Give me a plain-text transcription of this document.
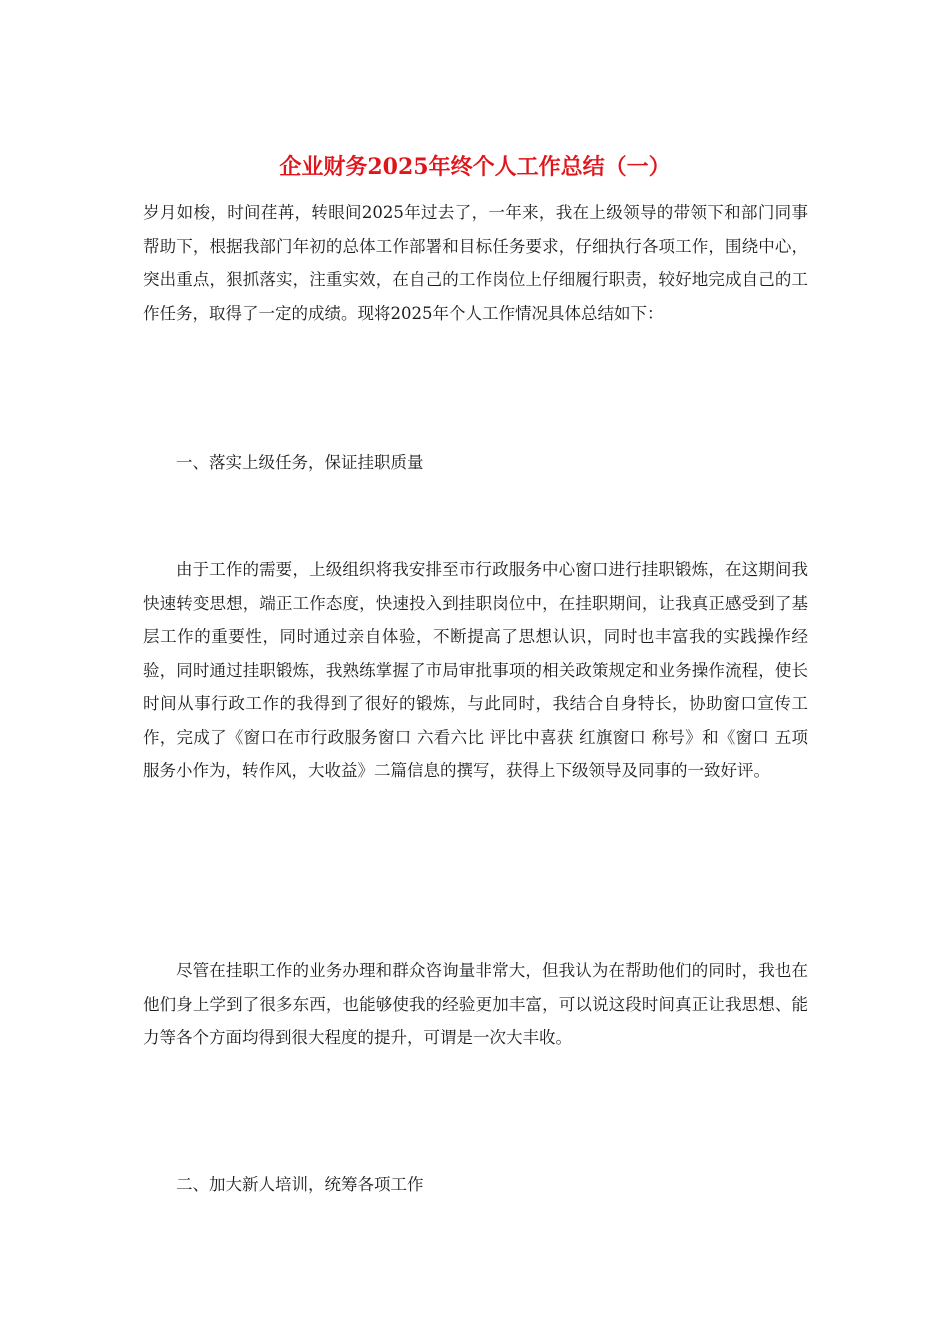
企业财务2025年终个人工作总结（一）

岁月如梭，时间荏苒，转眼间2025年过去了，一年来，我在上级领导的带领下和部门同事帮助下，根据我部门年初的总体工作部署和目标任务要求，仔细执行各项工作，围绕中心，突出重点，狠抓落实，注重实效，在自己的工作岗位上仔细履行职责，较好地完成自己的工作任务，取得了一定的成绩。现将2025年个人工作情况具体总结如下：

一、落实上级任务，保证挂职质量

由于工作的需要，上级组织将我安排至市行政服务中心窗口进行挂职锻炼，在这期间我快速转变思想，端正工作态度，快速投入到挂职岗位中，在挂职期间，让我真正感受到了基层工作的重要性，同时通过亲自体验，不断提高了思想认识，同时也丰富我的实践操作经验，同时通过挂职锻炼，我熟练掌握了市局审批事项的相关政策规定和业务操作流程，使长时间从事行政工作的我得到了很好的锻炼，与此同时，我结合自身特长，协助窗口宣传工作，完成了《窗口在市行政服务窗口 六看六比 评比中喜获 红旗窗口 称号》和《窗口 五项服务小作为，转作风，大收益》二篇信息的撰写，获得上下级领导及同事的一致好评。

尽管在挂职工作的业务办理和群众咨询量非常大，但我认为在帮助他们的同时，我也在他们身上学到了很多东西，也能够使我的经验更加丰富，可以说这段时间真正让我思想、能力等各个方面均得到很大程度的提升，可谓是一次大丰收。

二、加大新人培训，统筹各项工作
